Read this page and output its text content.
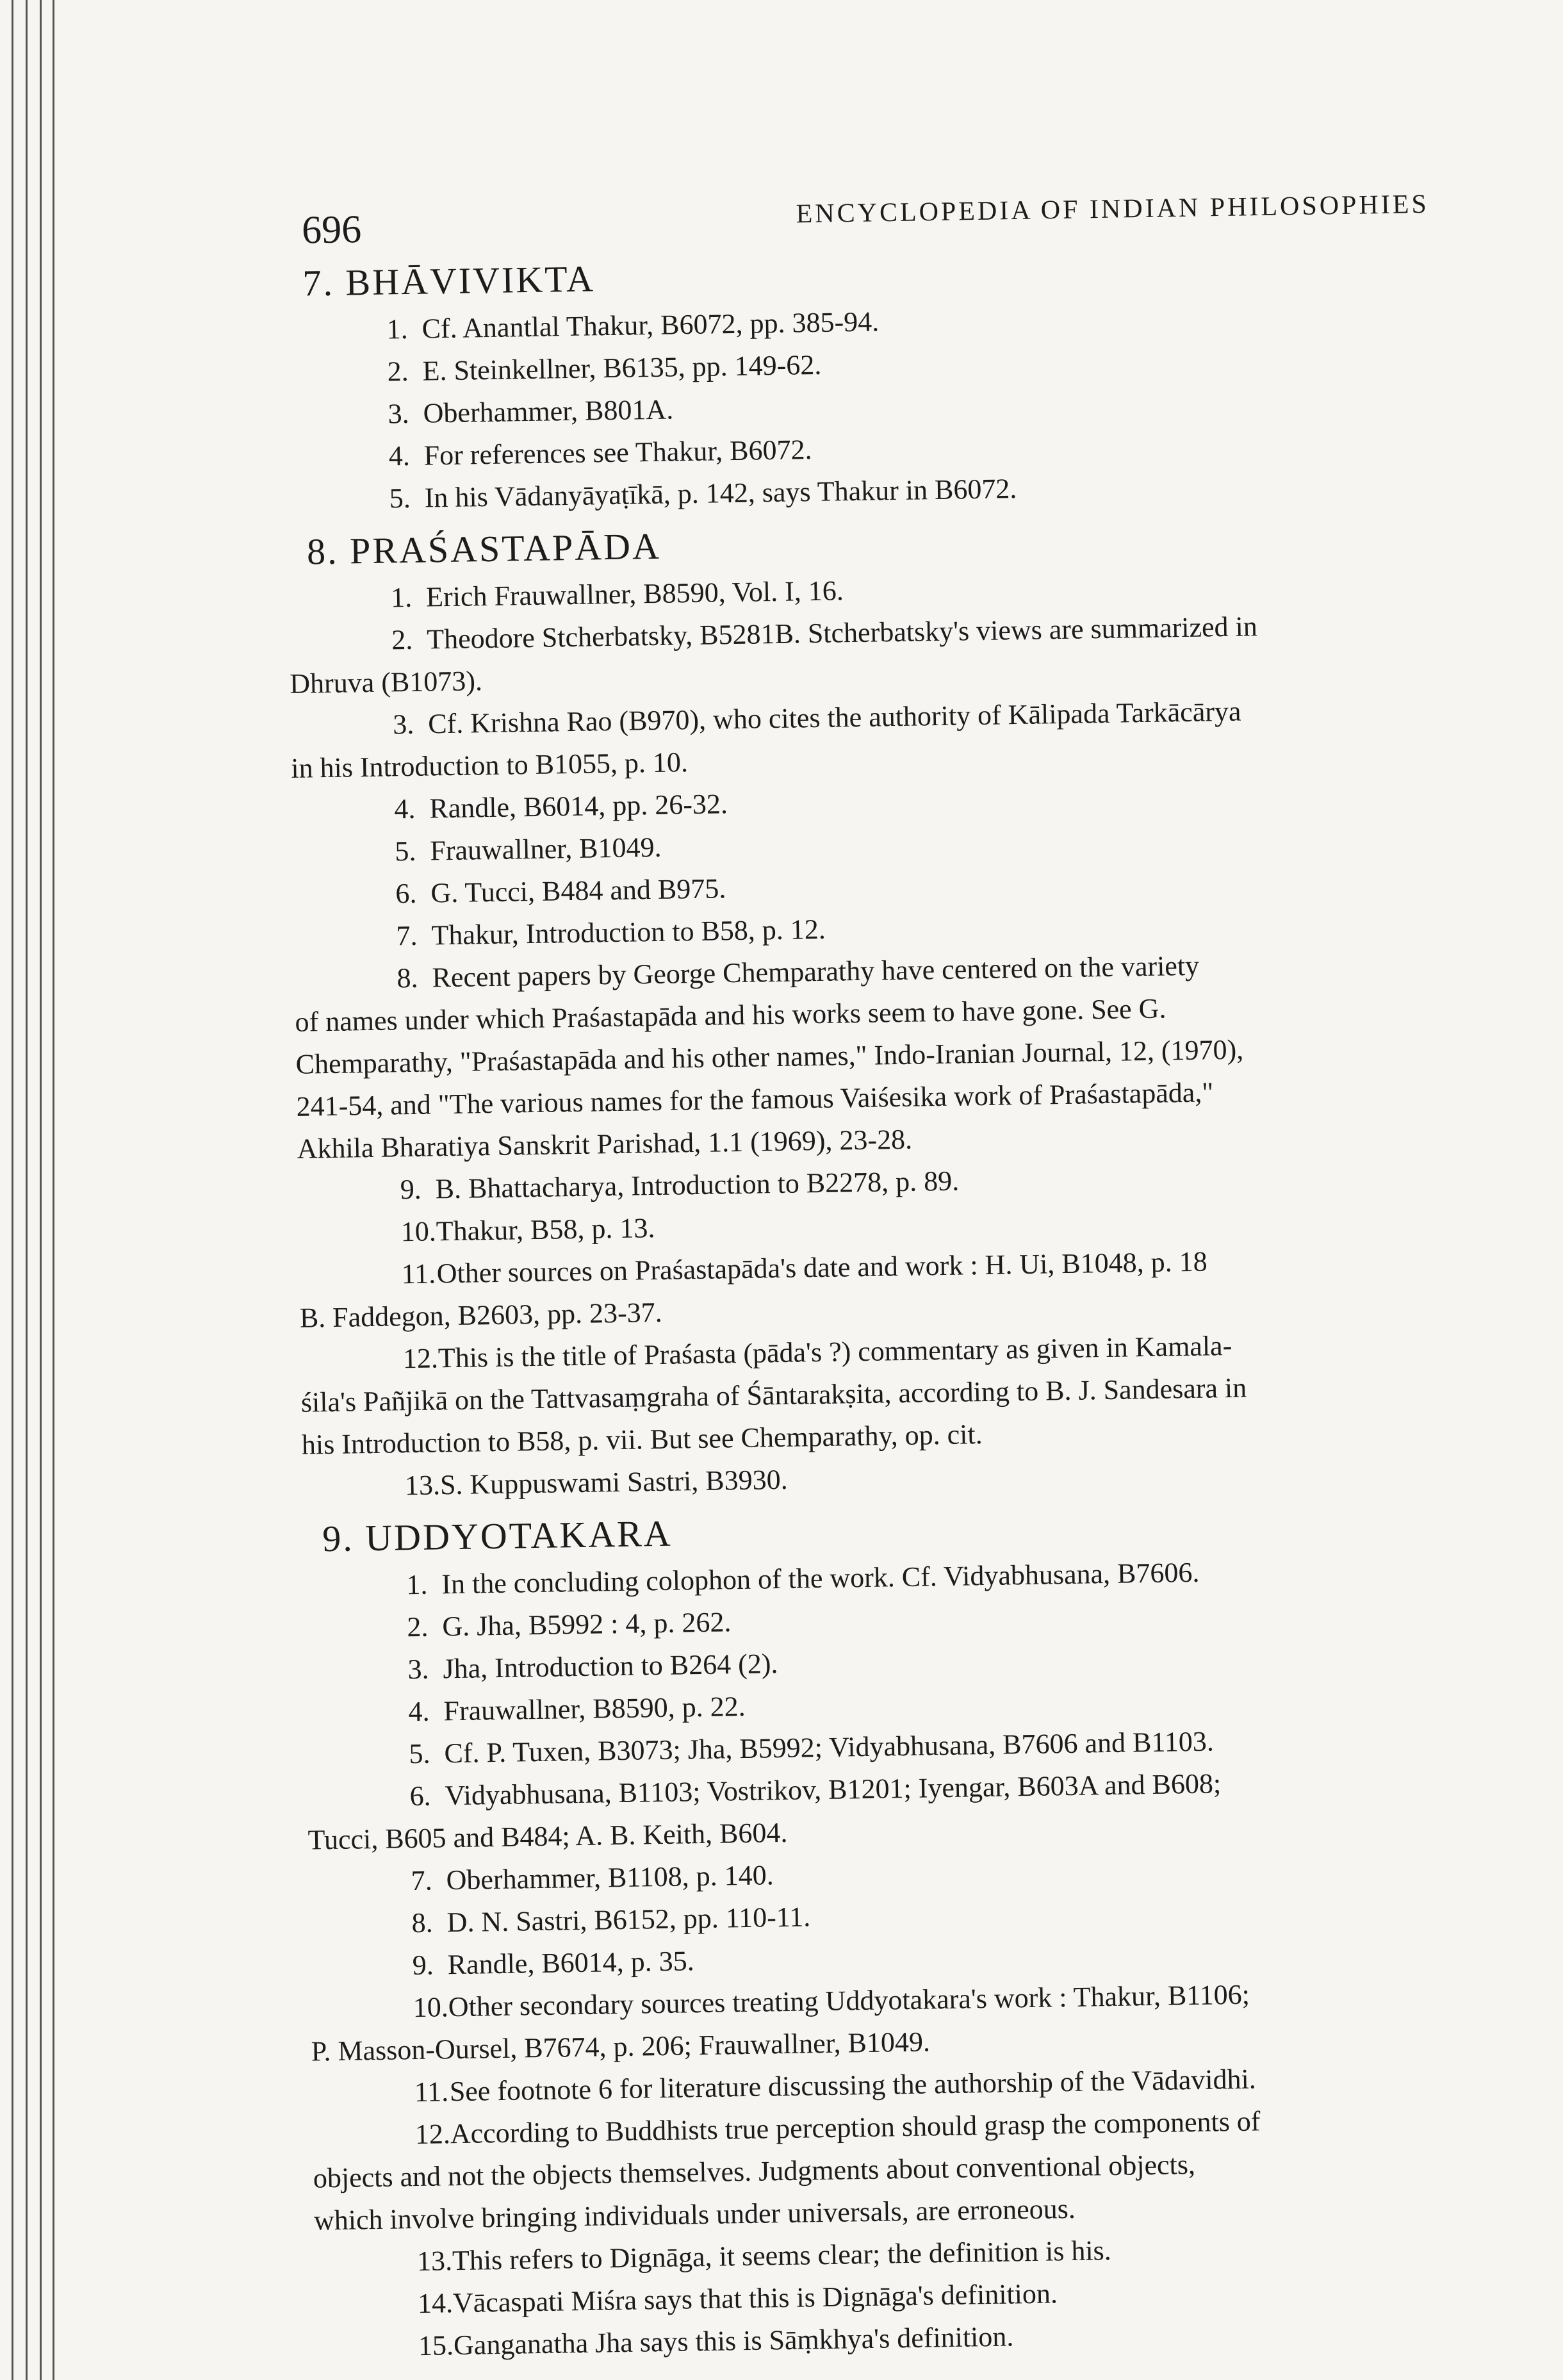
696	ENCYCLOPEDIA OF INDIAN PHILOSOPHIES
7. BHĀVIVIKTA
1. Cf. Anantlal Thakur, B6072, pp. 385-94.
2. E. Steinkellner, B6135, pp. 149-62.
3. Oberhammer, B801A.
4. For references see Thakur, B6072.
5. In his Vādanyāyaṭīkā, p. 142, says Thakur in B6072.
8. PRAŚASTAPĀDA
1. Erich Frauwallner, B8590, Vol. I, 16.
2. Theodore Stcherbatsky, B5281B. Stcherbatsky's views are summarized in
Dhruva (B1073).
3. Cf. Krishna Rao (B970), who cites the authority of Kālipada Tarkācārya
in his Introduction to B1055, p. 10.
4. Randle, B6014, pp. 26-32.
5. Frauwallner, B1049.
6. G. Tucci, B484 and B975.
7. Thakur, Introduction to B58, p. 12.
8. Recent papers by George Chemparathy have centered on the variety
of names under which Praśastapāda and his works seem to have gone. See G.
Chemparathy, "Praśastapāda and his other names," Indo-Iranian Journal, 12, (1970),
241-54, and "The various names for the famous Vaiśesika work of Praśastapāda,"
Akhila Bharatiya Sanskrit Parishad, 1.1 (1969), 23-28.
9. B. Bhattacharya, Introduction to B2278, p. 89.
10.Thakur, B58, p. 13.
11.Other sources on Praśastapāda's date and work : H. Ui, B1048, p. 18
B. Faddegon, B2603, pp. 23-37.
12.This is the title of Praśasta (pāda's ?) commentary as given in Kamala-
śila's Pañjikā on the Tattvasaṃgraha of Śāntarakṣita, according to B. J. Sandesara in
his Introduction to B58, p. vii. But see Chemparathy, op. cit.
13.S. Kuppuswami Sastri, B3930.
9. UDDYOTAKARA
1. In the concluding colophon of the work. Cf. Vidyabhusana, B7606.
2. G. Jha, B5992 : 4, p. 262.
3. Jha, Introduction to B264 (2).
4. Frauwallner, B8590, p. 22.
5. Cf. P. Tuxen, B3073; Jha, B5992; Vidyabhusana, B7606 and B1103.
6. Vidyabhusana, B1103; Vostrikov, B1201; Iyengar, B603A and B608;
Tucci, B605 and B484; A. B. Keith, B604.
7. Oberhammer, B1108, p. 140.
8. D. N. Sastri, B6152, pp. 110-11.
9. Randle, B6014, p. 35.
10.Other secondary sources treating Uddyotakara's work : Thakur, B1106;
P. Masson-Oursel, B7674, p. 206; Frauwallner, B1049.
11.See footnote 6 for literature discussing the authorship of the Vādavidhi.
12.According to Buddhists true perception should grasp the components of
objects and not the objects themselves. Judgments about conventional objects,
which involve bringing individuals under universals, are erroneous.
13.This refers to Dignāga, it seems clear; the definition is his.
14.Vācaspati Miśra says that this is Dignāga's definition.
15.Ganganatha Jha says this is Sāṃkhya's definition.
